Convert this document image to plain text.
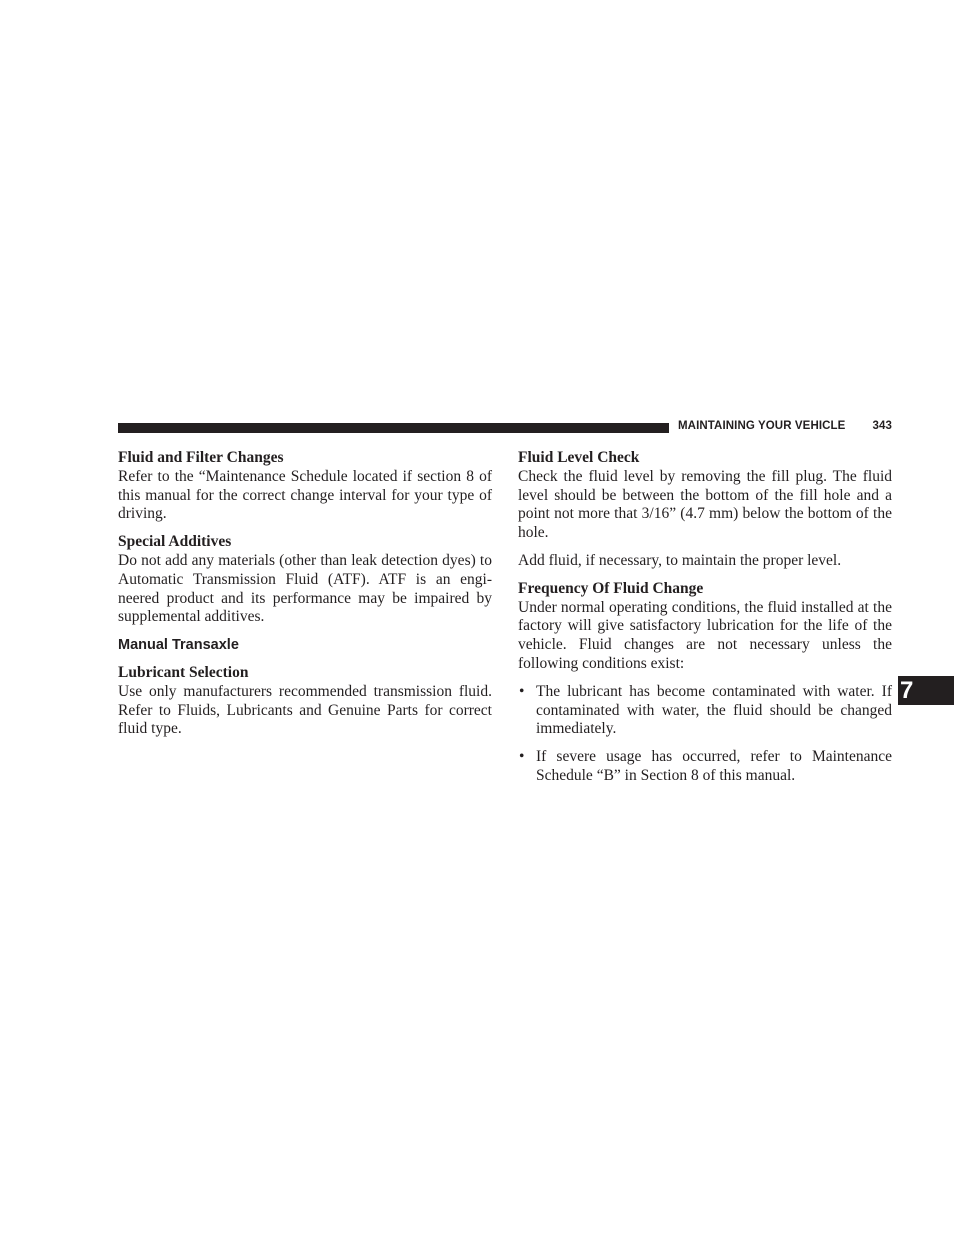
MAINTAINING YOUR VEHICLE 343
Fluid and Filter Changes

Refer to the “Maintenance Schedule located if section 8 of this manual for the correct change interval for your type of driving.

Special Additives

Do not add any materials (other than leak detection dyes) to Automatic Transmission Fluid (ATF). ATF is an engi- neered product and its performance may be impaired by supplemental additives.

Manual Transaxle
Lubricant Selection

Use only manufacturers recommended transmission fluid. Refer to Fluids, Lubricants and Genuine Parts for correct fluid type.

Fluid Level Check

Check the fluid level by removing the fill plug. The fluid level should be between the bottom of the fill hole and a point not more that 3/16” (4.7 mm) below the bottom of the hole.

Add fluid, if necessary, to maintain the proper level.

Frequency Of Fluid Change

Under normal operating conditions, the fluid installed at the factory will give satisfactory lubrication for the life of the vehicle. Fluid changes are not necessary unless the following conditions exist:

• The lubricant has become contaminated with water. If contaminated with water, the fluid should be changed immediately.
• If severe usage has occurred, refer to Maintenance Schedule “B” in Section 8 of this manual.
7
